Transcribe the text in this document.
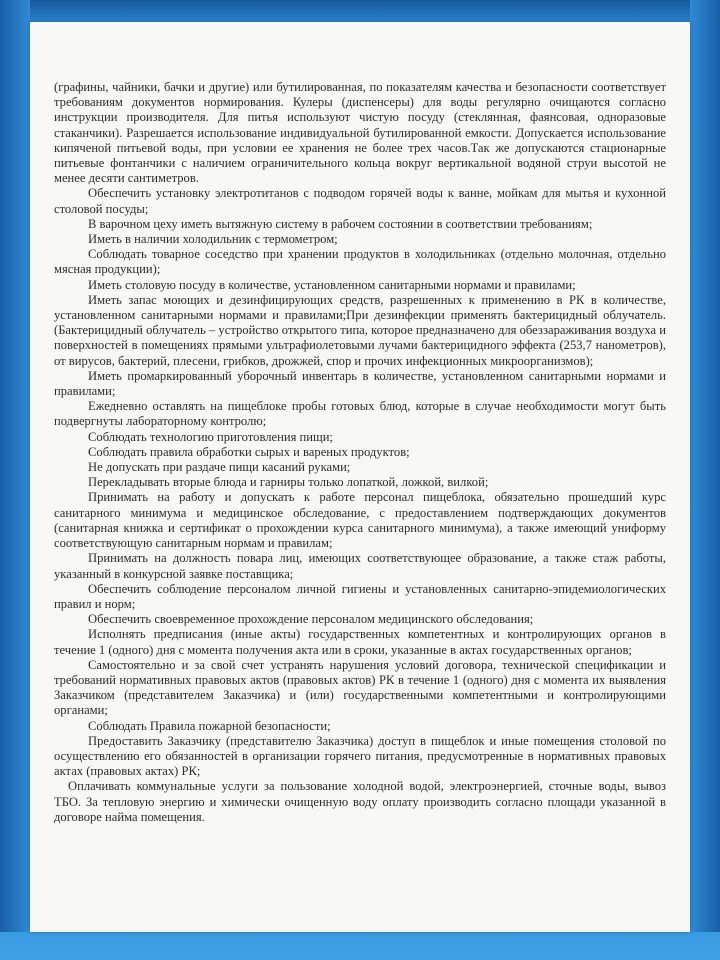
(графины, чайники, бачки и другие) или бутилированная, по показателям качества и безопасности соответствует требованиям документов нормирования. Кулеры (диспенсеры) для воды регулярно очищаются согласно инструкции производителя. Для питья используют чистую посуду (стеклянная, фаянсовая, одноразовые стаканчики). Разрешается использование индивидуальной бутилированной емкости. Допускается использование кипяченой питьевой воды, при условии ее хранения не более трех часов.Так же допускаются стационарные питьевые фонтанчики с наличием ограничительного кольца вокруг вертикальной водяной струи высотой не менее десяти сантиметров.

Обеспечить установку электротитанов с подводом горячей воды к ванне, мойкам для мытья и кухонной столовой посуды;

В варочном цеху иметь вытяжную систему в рабочем состоянии в соответствии требованиям;

Иметь в наличии холодильник с термометром;

Соблюдать товарное соседство при хранении продуктов в холодильниках (отдельно молочная, отдельно мясная продукции);

Иметь столовую посуду в количестве, установленном санитарными нормами и правилами;

Иметь запас моющих и дезинфицирующих средств, разрешенных к применению в РК в количестве, установленном санитарными нормами и правилами;При дезинфекции применять бактерицидный облучатель. (Бактерицидный облучатель – устройство открытого типа, которое предназначено для обеззараживания воздуха и поверхностей в помещениях прямыми ультрафиолетовыми лучами бактерицидного эффекта (253,7 нанометров), от вирусов, бактерий, плесени, грибков, дрожжей, спор и прочих инфекционных микроорганизмов);

Иметь промаркированный уборочный инвентарь в количестве, установленном санитарными нормами и правилами;

Ежедневно оставлять на пищеблоке пробы готовых блюд, которые в случае необходимости могут быть подвергнуты лабораторному контролю;

Соблюдать технологию приготовления пищи;

Соблюдать правила обработки сырых и вареных продуктов;

Не допускать при раздаче пищи касаний руками;

Перекладывать вторые блюда и гарниры только лопаткой, ложкой, вилкой;

Принимать на работу и допускать к работе персонал пищеблока, обязательно прошедший курс санитарного минимума и медицинское обследование, с предоставлением подтверждающих документов (санитарная книжка и сертификат о прохождении курса санитарного минимума), а также имеющий униформу соответствующую санитарным нормам и правилам;

Принимать на должность повара лиц, имеющих соответствующее образование, а также стаж работы, указанный в конкурсной заявке поставщика;

Обеспечить соблюдение персоналом личной гигиены и установленных санитарно-эпидемиологических правил и норм;

Обеспечить своевременное прохождение персоналом медицинского обследования;

Исполнять предписания (иные акты) государственных компетентных и контролирующих органов в течение 1 (одного) дня с момента получения акта или в сроки, указанные в актах государственных органов;

Самостоятельно и за свой счет устранять нарушения условий договора, технической спецификации и требований нормативных правовых актов (правовых актов) РК в течение 1 (одного) дня с момента их выявления Заказчиком (представителем Заказчика) и (или) государственными компетентными и контролирующими органами;

Соблюдать Правила пожарной безопасности;

Предоставить Заказчику (представителю Заказчика) доступ в пищеблок и иные помещения столовой по осуществлению его обязанностей в организации горячего питания, предусмотренные в нормативных правовых актах (правовых актах) РК;

Оплачивать коммунальные услуги за пользование холодной водой, электроэнергией, сточные воды, вывоз ТБО. За тепловую энергию и химически очищенную воду оплату производить согласно площади указанной в договоре найма помещения.
